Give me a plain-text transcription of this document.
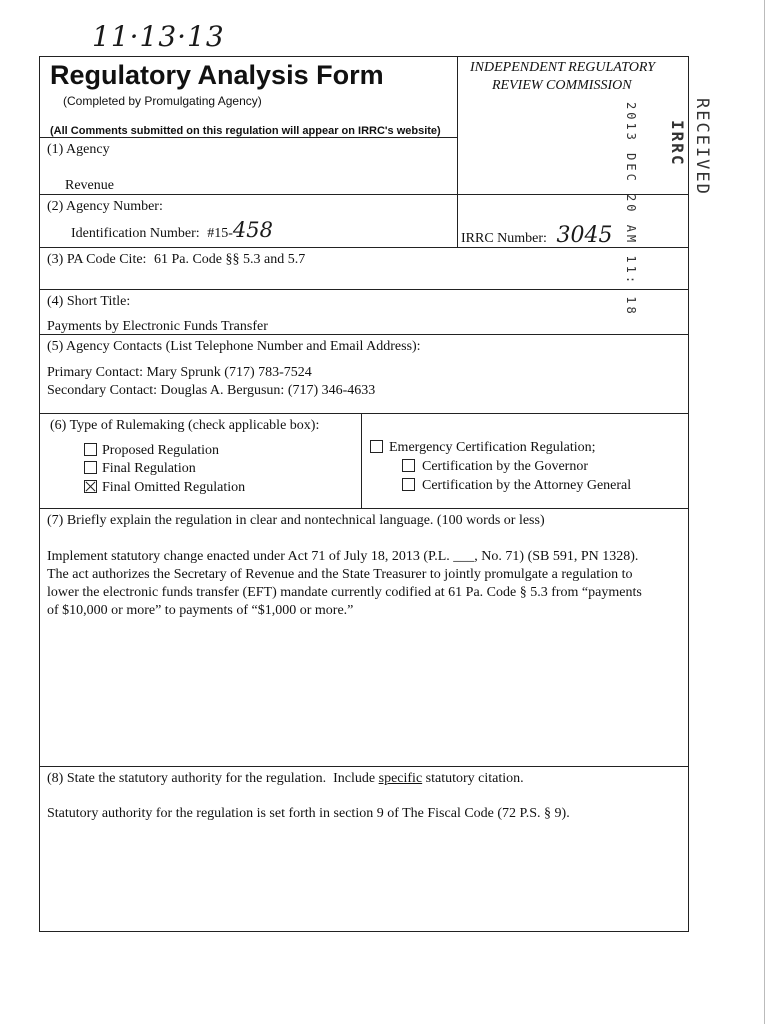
11·13·13
Regulatory Analysis Form
(Completed by Promulgating Agency)
(All Comments submitted on this regulation will appear on IRRC's website)
INDEPENDENT REGULATORY
REVIEW COMMISSION
RECEIVED
IRRC
2013 DEC 20 AM 11: 18
(1) Agency
Revenue
(2) Agency Number:
Identification Number: #15-458	IRRC Number: 3045
(3) PA Code Cite: 61 Pa. Code §§ 5.3 and 5.7
(4) Short Title:
Payments by Electronic Funds Transfer
(5) Agency Contacts (List Telephone Number and Email Address):
Primary Contact: Mary Sprunk (717) 783-7524
Secondary Contact: Douglas A. Bergusun: (717) 346-4633
(6) Type of Rulemaking (check applicable box):
Proposed Regulation
Final Regulation
Final Omitted Regulation
Emergency Certification Regulation;
Certification by the Governor
Certification by the Attorney General
(7) Briefly explain the regulation in clear and nontechnical language. (100 words or less)
Implement statutory change enacted under Act 71 of July 18, 2013 (P.L. ___, No. 71) (SB 591, PN 1328).
The act authorizes the Secretary of Revenue and the State Treasurer to jointly promulgate a regulation to
lower the electronic funds transfer (EFT) mandate currently codified at 61 Pa. Code § 5.3 from “payments
of $10,000 or more” to payments of “$1,000 or more.”
(8) State the statutory authority for the regulation.  Include specific statutory citation.
Statutory authority for the regulation is set forth in section 9 of The Fiscal Code (72 P.S. § 9).
